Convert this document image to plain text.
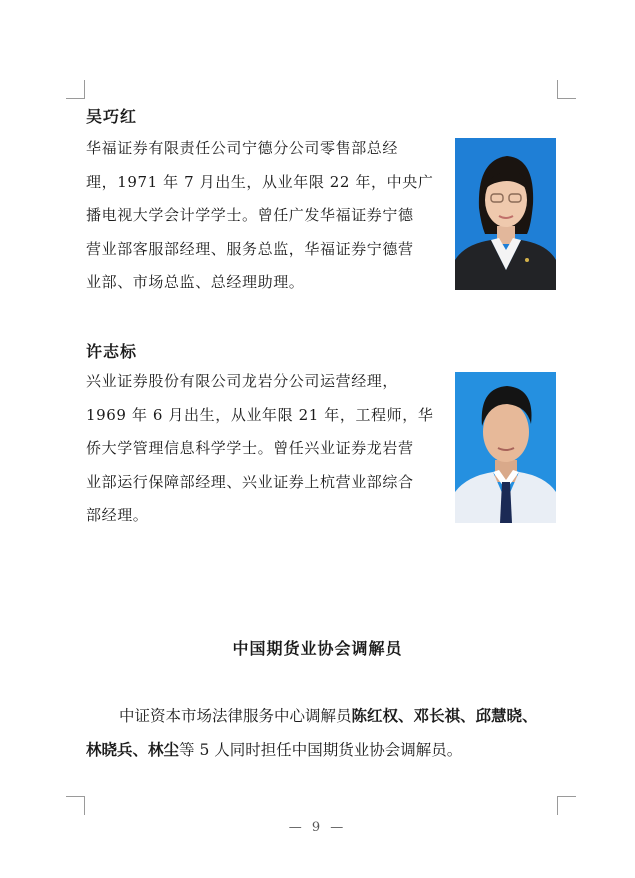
吴巧红
华福证券有限责任公司宁德分公司零售部总经
理，1971 年 7 月出生，从业年限 22 年，中央广
播电视大学会计学学士。曾任广发华福证券宁德
营业部客服部经理、服务总监，华福证券宁德营
业部、市场总监、总经理助理。
许志标
兴业证券股份有限公司龙岩分公司运营经理，
1969 年 6 月出生，从业年限 21 年，工程师，华
侨大学管理信息科学学士。曾任兴业证券龙岩营
业部运行保障部经理、兴业证券上杭营业部综合
部经理。
中国期货业协会调解员
中证资本市场法律服务中心调解员陈红权、邓长祺、邱慧晓、
林晓兵、林尘等 5 人同时担任中国期货业协会调解员。
— 9 —
